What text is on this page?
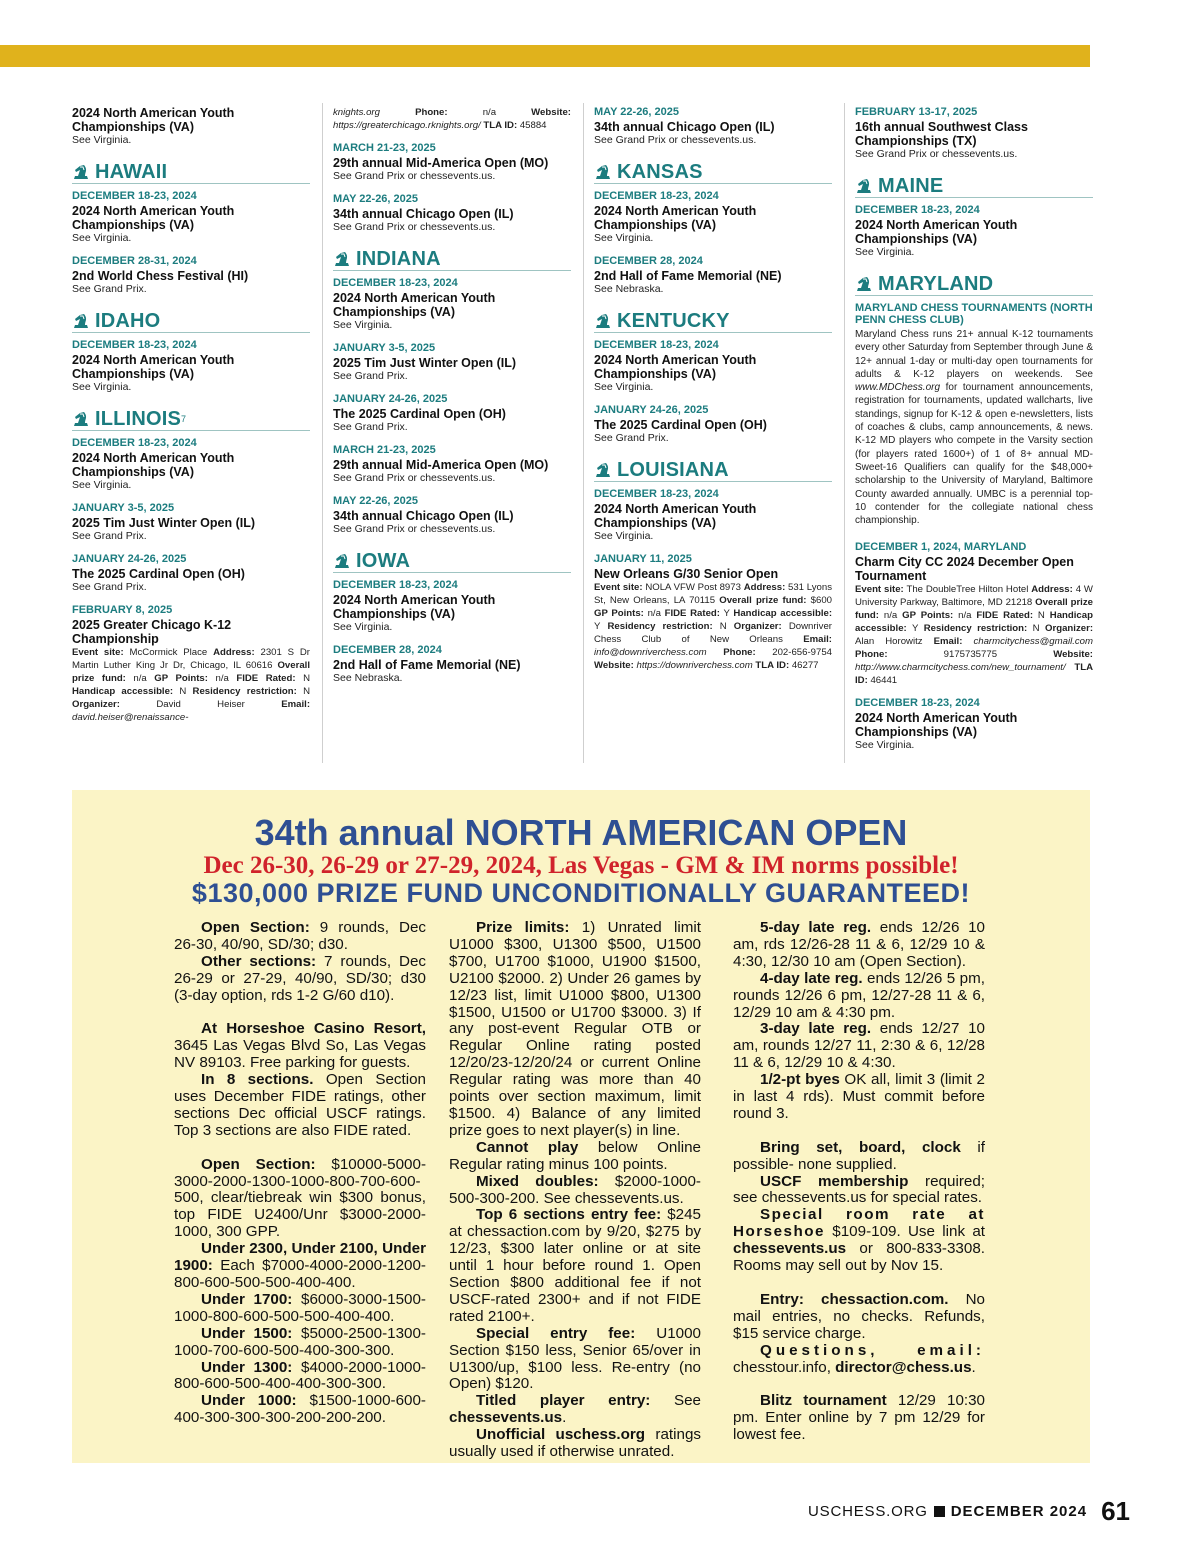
2024 North American Youth Championships (VA)
See Virginia.
HAWAII
DECEMBER 18-23, 2024
2024 North American Youth Championships (VA)
See Virginia.
DECEMBER 28-31, 2024
2nd World Chess Festival (HI)
See Grand Prix.
IDAHO
DECEMBER 18-23, 2024
2024 North American Youth Championships (VA)
See Virginia.
ILLINOIS 7
DECEMBER 18-23, 2024
2024 North American Youth Championships (VA)
See Virginia.
JANUARY 3-5, 2025
2025 Tim Just Winter Open (IL)
See Grand Prix.
JANUARY 24-26, 2025
The 2025 Cardinal Open (OH)
See Grand Prix.
FEBRUARY 8, 2025
2025 Greater Chicago K-12 Championship
Event site: McCormick Place Address: 2301 S Dr Martin Luther King Jr Dr, Chicago, IL 60616 Overall prize fund: n/a GP Points: n/a FIDE Rated: N Handicap accessible: N Residency restriction: N Organizer:	David Heiser	Email: david.heiser@renaissance-
knights.org	Phone:	n/a	Website: https://greaterchicago.rknights.org/ TLA ID: 45884
MARCH 21-23, 2025
29th annual Mid-America Open (MO)
See Grand Prix or chessevents.us.
MAY 22-26, 2025
34th annual Chicago Open (IL)
See Grand Prix or chessevents.us.
INDIANA
DECEMBER 18-23, 2024
2024 North American Youth Championships (VA)
See Virginia.
JANUARY 3-5, 2025
2025 Tim Just Winter Open (IL)
See Grand Prix.
JANUARY 24-26, 2025
The 2025 Cardinal Open (OH)
See Grand Prix.
MARCH 21-23, 2025
29th annual Mid-America Open (MO)
See Grand Prix or chessevents.us.
MAY 22-26, 2025
34th annual Chicago Open (IL)
See Grand Prix or chessevents.us.
IOWA
DECEMBER 18-23, 2024
2024 North American Youth Championships (VA)
See Virginia.
DECEMBER 28, 2024
2nd Hall of Fame Memorial (NE)
See Nebraska.
MAY 22-26, 2025
34th annual Chicago Open (IL)
See Grand Prix or chessevents.us.
KANSAS
DECEMBER 18-23, 2024
2024 North American Youth Championships (VA)
See Virginia.
DECEMBER 28, 2024
2nd Hall of Fame Memorial (NE)
See Nebraska.
KENTUCKY
DECEMBER 18-23, 2024
2024 North American Youth Championships (VA)
See Virginia.
JANUARY 24-26, 2025
The 2025 Cardinal Open (OH)
See Grand Prix.
LOUISIANA
DECEMBER 18-23, 2024
2024 North American Youth Championships (VA)
See Virginia.
JANUARY 11, 2025
New Orleans G/30 Senior Open
Event site: NOLA VFW Post 8973 Address: 531 Lyons St, New Orleans, LA 70115 Overall prize fund: $600 GP Points: n/a FIDE Rated: Y Handicap accessible: Y Residency restriction: N Organizer: Downriver Chess Club of New Orleans Email: info@downriverchess.com Phone: 202-656-9754 Website: https://downriverchess.com TLA ID: 46277
FEBRUARY 13-17, 2025
16th annual Southwest Class Championships (TX)
See Grand Prix or chessevents.us.
MAINE
DECEMBER 18-23, 2024
2024 North American Youth Championships (VA)
See Virginia.
MARYLAND
MARYLAND CHESS TOURNAMENTS (NORTH PENN CHESS CLUB)
Maryland Chess runs 21+ annual K-12 tournaments every other Saturday from September through June & 12+ annual 1-day or multi-day open tournaments for adults & K-12 players on weekends. See www.MDChess.org for tournament announcements, registration for tournaments, updated wallcharts, live standings, signup for K-12 & open e-newsletters, lists of coaches & clubs, camp announcements, & news. K-12 MD players who compete in the Varsity section (for players rated 1600+) of 1 of 8+ annual MD-Sweet-16 Qualifiers can qualify for the $48,000+ scholarship to the University of Maryland, Baltimore County awarded annually. UMBC is a perennial top-10 contender for the collegiate national chess championship.
DECEMBER 1, 2024, MARYLAND
Charm City CC 2024 December Open Tournament
Event site: The DoubleTree Hilton Hotel Address: 4 W University Parkway, Baltimore, MD 21218 Overall prize fund: n/a GP Points: n/a FIDE Rated: N Handicap accessible: Y Residency restriction: N Organizer: Alan Horowitz Email: charmcitychess@gmail.com Phone:	9175735775	Website: http://www.charmcitychess.com/new_tournament/ TLA ID: 46441
DECEMBER 18-23, 2024
2024 North American Youth Championships (VA)
See Virginia.
34th annual NORTH AMERICAN OPEN
Dec 26-30, 26-29 or 27-29, 2024, Las Vegas - GM & IM norms possible!
$130,000 PRIZE FUND UNCONDITIONALLY GUARANTEED!

Open Section: 9 rounds, Dec 26-30, 40/90, SD/30; d30.

Other sections: 7 rounds, Dec 26-29 or 27-29, 40/90, SD/30; d30 (3-day option, rds 1-2 G/60 d10).

At Horseshoe Casino Resort, 3645 Las Vegas Blvd So, Las Vegas NV 89103. Free parking for guests.

In 8 sections. Open Section uses December FIDE ratings, other sections Dec official USCF ratings. Top 3 sections are also FIDE rated.

Open Section: $10000-5000-3000-2000-1300-1000-800-700-600-500, clear/tiebreak win $300 bonus, top FIDE U2400/Unr $3000-2000-1000, 300 GPP.

Under 2300, Under 2100, Under 1900: Each $7000-4000-2000-1200-800-600-500-500-400-400.

Under 1700: $6000-3000-1500-1000-800-600-500-500-400-400.

Under 1500: $5000-2500-1300-1000-700-600-500-400-300-300.

Under 1300: $4000-2000-1000-800-600-500-400-400-300-300.

Under 1000: $1500-1000-600-400-300-300-300-200-200-200.

Prize limits: 1) Unrated limit U1000 $300, U1300 $500, U1500 $700, U1700 $1000, U1900 $1500, U2100 $2000. 2) Under 26 games by 12/23 list, limit U1000 $800, U1300 $1500, U1500 or U1700 $3000. 3) If any post-event Regular OTB or Regular Online rating posted 12/20/23-12/20/24 or current Online Regular rating was more than 40 points over section maximum, limit $1500. 4) Balance of any limited prize goes to next player(s) in line.

Cannot play below Online Regular rating minus 100 points.

Mixed doubles: $2000-1000-500-300-200. See chessevents.us.

Top 6 sections entry fee: $245 at chessaction.com by 9/20, $275 by 12/23, $300 later online or at site until 1 hour before round 1. Open Section $800 additional fee if not USCF-rated 2300+ and if not FIDE rated 2100+.

Special entry fee: U1000 Section $150 less, Senior 65/over in U1300/up, $100 less. Re-entry (no Open) $120.

Titled player entry: See chessevents.us.

Unofficial uschess.org ratings usually used if otherwise unrated.

5-day late reg. ends 12/26 10 am, rds 12/26-28 11 & 6, 12/29 10 & 4:30, 12/30 10 am (Open Section).

4-day late reg. ends 12/26 5 pm, rounds 12/26 6 pm, 12/27-28 11 & 6, 12/29 10 am & 4:30 pm.

3-day late reg. ends 12/27 10 am, rounds 12/27 11, 2:30 & 6, 12/28 11 & 6, 12/29 10 & 4:30.

1/2-pt byes OK all, limit 3 (limit 2 in last 4 rds). Must commit before round 3.

Bring set, board, clock if possible- none supplied.

USCF membership required; see chessevents.us for special rates.

Special room rate at Horseshoe $109-109. Use link at chessevents.us or 800-833-3308. Rooms may sell out by Nov 15.

Entry: chessaction.com. No mail entries, no checks. Refunds, $15 service charge.

Questions, email: chesstour.info, director@chess.us.

Blitz tournament 12/29 10:30 pm. Enter online by 7 pm 12/29 for lowest fee.

USCHESS.ORG DECEMBER 2024 61
